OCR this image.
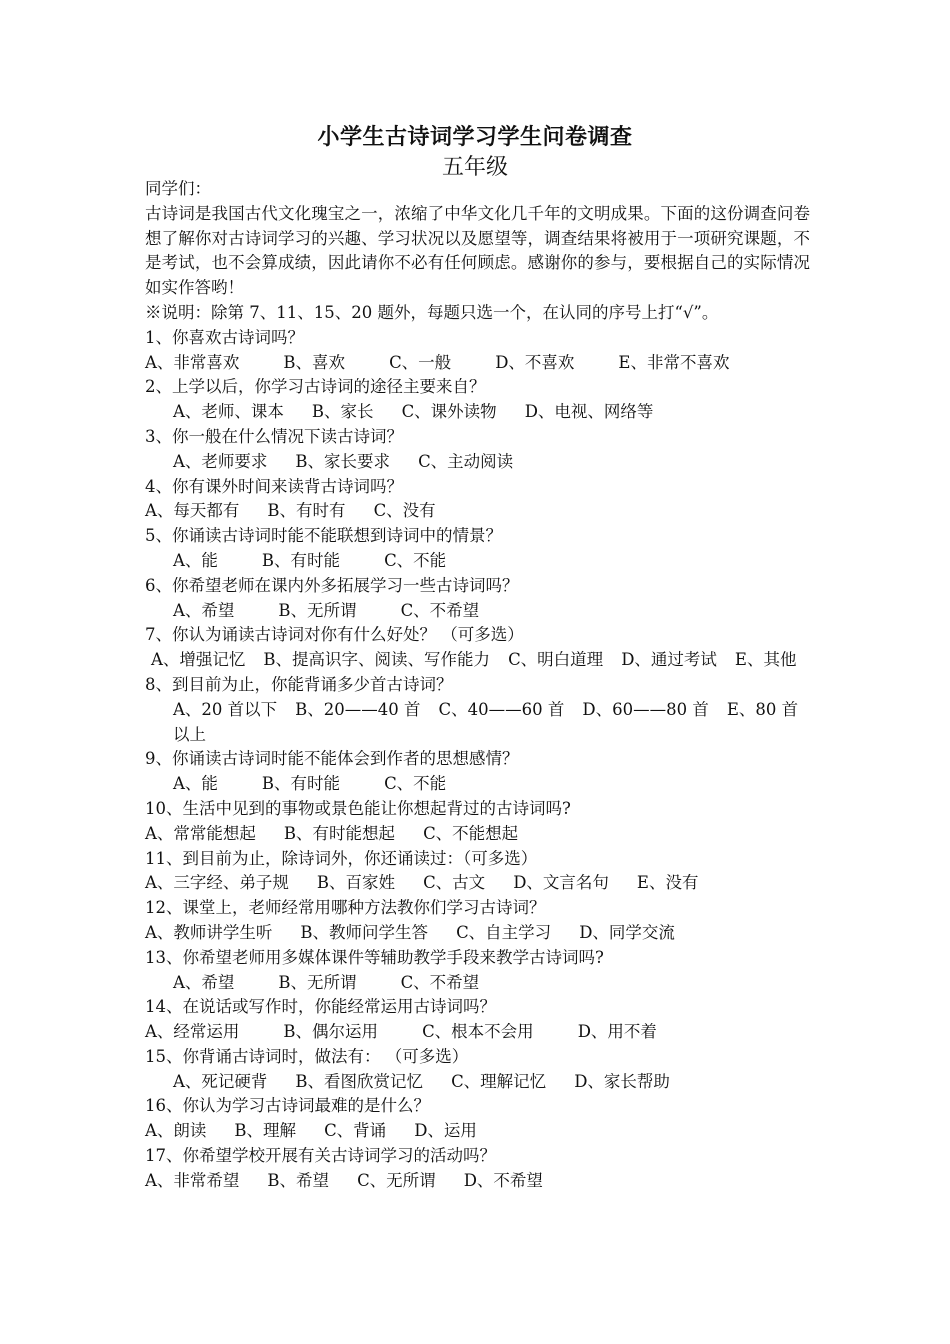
小学生古诗词学习学生问卷调查
五年级
同学们：
古诗词是我国古代文化瑰宝之一，浓缩了中华文化几千年的文明成果。下面的这份调查问卷想了解你对古诗词学习的兴趣、学习状况以及愿望等，调查结果将被用于一项研究课题，不是考试，也不会算成绩，因此请你不必有任何顾虑。感谢你的参与，要根据自己的实际情况如实作答哟！
※说明：除第 7、11、15、20 题外，每题只选一个，在认同的序号上打“√”。
1、你喜欢古诗词吗？
A、非常喜欢	B、喜欢	C、一般	D、不喜欢	E、非常不喜欢
2、上学以后，你学习古诗词的途径主要来自？
A、老师、课本 B、家长 C、课外读物 D、电视、网络等
3、你一般在什么情况下读古诗词？
A、老师要求 B、家长要求 C、主动阅读
4、你有课外时间来读背古诗词吗？
A、每天都有 B、有时有 C、没有
5、你诵读古诗词时能不能联想到诗词中的情景？
A、能	B、有时能	C、不能
6、你希望老师在课内外多拓展学习一些古诗词吗？
A、希望	B、无所谓	C、不希望
7、你认为诵读古诗词对你有什么好处？ （可多选）
A、增强记忆 B、提高识字、阅读、写作能力 C、明白道理 D、通过考试 E、其他
8、到目前为止，你能背诵多少首古诗词？
A、20 首以下 B、20——40 首 C、40——60 首 D、60——80 首 E、80 首以上
9、你诵读古诗词时能不能体会到作者的思想感情？
A、能	B、有时能	C、不能
10、生活中见到的事物或景色能让你想起背过的古诗词吗?
A、常常能想起 B、有时能想起 C、不能想起
11、到目前为止，除诗词外，你还诵读过：（可多选）
A、三字经、弟子规 B、百家姓 C、古文 D、文言名句 E、没有
12、课堂上，老师经常用哪种方法教你们学习古诗词？
A、教师讲学生听 B、教师问学生答 C、自主学习 D、同学交流
13、你希望老师用多媒体课件等辅助教学手段来教学古诗词吗?
A、希望	B、无所谓	C、不希望
14、在说话或写作时，你能经常运用古诗词吗？
A、经常运用	B、偶尔运用	C、根本不会用	D、用不着
15、你背诵古诗词时，做法有： （可多选）
A、死记硬背 B、看图欣赏记忆 C、理解记忆 D、家长帮助
16、你认为学习古诗词最难的是什么？
A、朗读 B、理解 C、背诵 D、运用
17、你希望学校开展有关古诗词学习的活动吗？
A、非常希望 B、希望 C、无所谓 D、不希望
